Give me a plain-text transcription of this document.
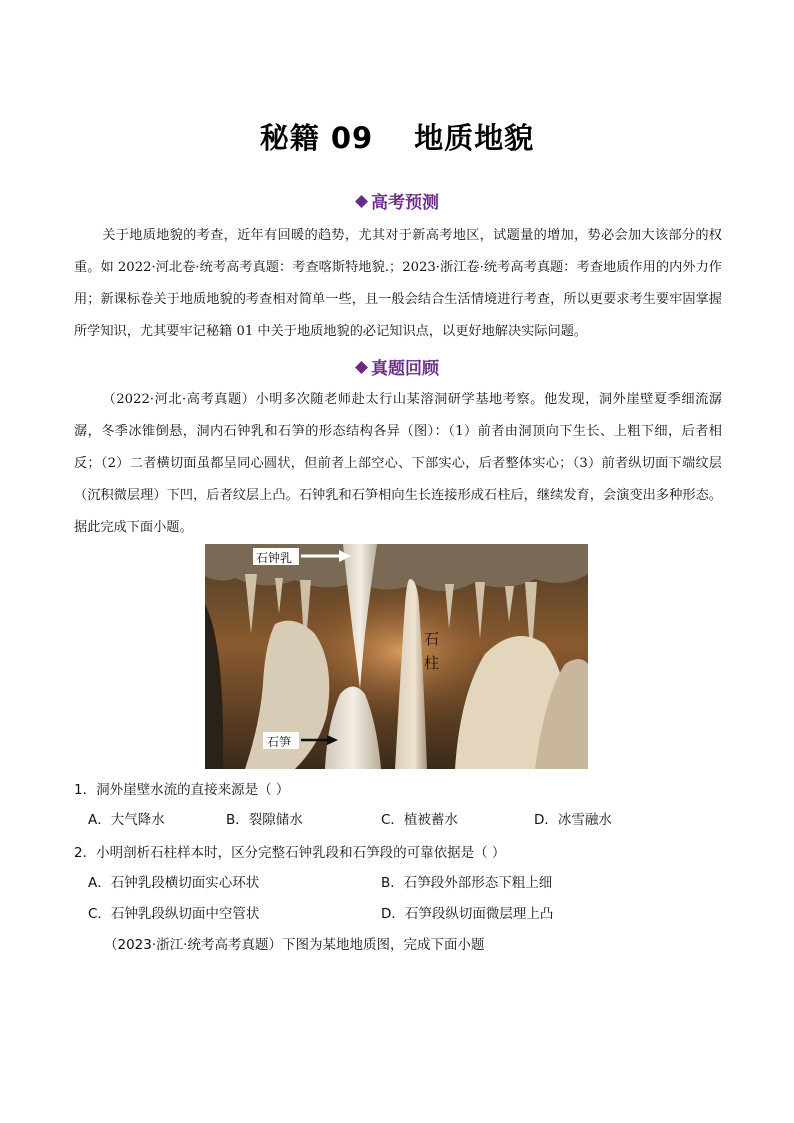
秘籍 09　 地质地貌
高考预测

关于地质地貌的考查，近年有回暖的趋势，尤其对于新高考地区，试题量的增加，势必会加大该部分的权重。如 2022·河北卷·统考高考真题：考查喀斯特地貌.；2023·浙江卷·统考高考真题：考查地质作用的内外力作用；新课标卷关于地质地貌的考查相对简单一些，且一般会结合生活情境进行考查，所以更要求考生要牢固掌握所学知识，尤其要牢记秘籍 01 中关于地质地貌的必记知识点，以更好地解决实际问题。

真题回顾

（2022·河北·高考真题）小明多次随老师赴太行山某溶洞研学基地考察。他发现，洞外崖壁夏季细流潺潺，冬季冰锥倒悬，洞内石钟乳和石笋的形态结构各异（图）：（1）前者由洞顶向下生长、上粗下细，后者相反；（2）二者横切面虽都呈同心圆状，但前者上部空心、下部实心，后者整体实心；（3）前者纵切面下端纹层（沉积微层理）下凹，后者纹层上凸。石钟乳和石笋相向生长连接形成石柱后，继续发育，会演变出多种形态。据此完成下面小题。

石钟乳
石笋
石
柱
1．洞外崖壁水流的直接来源是（ ）
A．大气降水	B．裂隙储水	C．植被蓄水	D．冰雪融水
2．小明剖析石柱样本时，区分完整石钟乳段和石笋段的可靠依据是（ ）
A．石钟乳段横切面实心环状	B．石笋段外部形态下粗上细
C．石钟乳段纵切面中空管状	D．石笋段纵切面微层理上凸
（2023·浙江·统考高考真题）下图为某地地质图，完成下面小题
